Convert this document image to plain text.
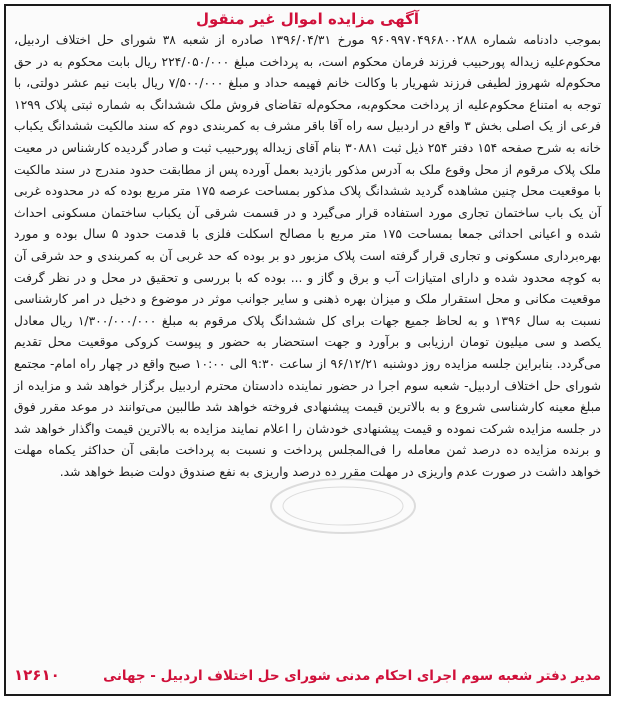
آگهی مزایده اموال غیر منقول
بموجب دادنامه شماره ۹۶۰۹۹۷۰۴۹۶۸۰۰۲۸۸ مورخ ۱۳۹۶/۰۴/۳۱ صادره از شعبه ۳۸ شورای حل اختلاف اردبیل، محکوم‌علیه زیداله پورحبیب فرزند فرمان محکوم است، به پرداخت مبلغ ۲۲۴/۰۵۰/۰۰۰ ریال بابت محکوم به در حق محکوم‌له شهروز لطیفی فرزند شهریار با وکالت خانم فهیمه حداد و مبلغ ۷/۵۰۰/۰۰۰ ریال بابت نیم عشر دولتی، با توجه به امتناع محکوم‌علیه از پرداخت محکوم‌به، محکوم‌له تقاضای فروش ملک ششدانگ به شماره ثبتی پلاک ۱۲۹۹ فرعی از یک اصلی بخش ۳ واقع در اردبیل سه راه آقا باقر مشرف به کمربندی دوم که سند مالکیت ششدانگ یکباب خانه به شرح صفحه ۱۵۴ دفتر ۲۵۴ ذیل ثبت ۳۰۸۸۱ بنام آقای زیداله پورحبیب ثبت و صادر گردیده کارشناس در معیت ملک پلاک مرقوم از محل وقوع ملک به آدرس مذکور بازدید بعمل آورده پس از مطابقت حدود مندرج در سند مالکیت با موقعیت محل چنین مشاهده گردید ششدانگ پلاک مذکور بمساحت عرصه ۱۷۵ متر مربع بوده که در محدوده غربی آن یک باب ساختمان تجاری مورد استفاده قرار می‌گیرد و در قسمت شرقی آن یکباب ساختمان مسکونی احداث شده و اعیانی احداثی جمعا بمساحت ۱۷۵ متر مربع با مصالح اسکلت فلزی با قدمت حدود ۵ سال بوده و مورد بهره‌برداری مسکونی و تجاری قرار گرفته است پلاک مزبور دو بر بوده که حد غربی آن به کمربندی و حد شرقی آن به کوچه محدود شده و دارای امتیازات آب و برق و گاز و ... بوده که با بررسی و تحقیق در محل و در نظر گرفت موقعیت مکانی و محل استقرار ملک و میزان بهره ذهنی و سایر جوانب موثر در موضوع و دخیل در امر کارشناسی نسبت به سال ۱۳۹۶ و به لحاظ جمیع جهات برای کل ششدانگ پلاک مرقوم به مبلغ ۱/۳۰۰/۰۰۰/۰۰۰ ریال معادل یکصد و سی میلیون تومان ارزیابی و برآورد و جهت استحضار به حضور و پیوست کروکی موقعیت محل تقدیم می‌گردد. بنابراین جلسه مزایده روز دوشنبه ۹۶/۱۲/۲۱ از ساعت ۹:۳۰ الی ۱۰:۰۰ صبح واقع در چهار راه امام- مجتمع شورای حل اختلاف اردبیل- شعبه سوم اجرا در حضور نماینده دادستان محترم اردبیل برگزار خواهد شد و مزایده از مبلغ معینه کارشناسی شروع و به بالاترین قیمت پیشنهادی فروخته خواهد شد طالبین می‌توانند در موعد مقرر فوق در جلسه مزایده شرکت نموده و قیمت پیشنهادی خودشان را اعلام نمایند مزایده به بالاترین قیمت واگذار خواهد شد و برنده مزایده ده درصد ثمن معامله را فی‌المجلس پرداخت و نسبت به پرداخت مابقی آن حداکثر یکماه مهلت خواهد داشت در صورت عدم واریزی در مهلت مقرر ده درصد واریزی به نفع صندوق دولت ضبط خواهد شد.
مدیر دفتر شعبه سوم اجرای احکام مدنی شورای حل اختلاف اردبیل - جهانی
۱۲۶۱۰
